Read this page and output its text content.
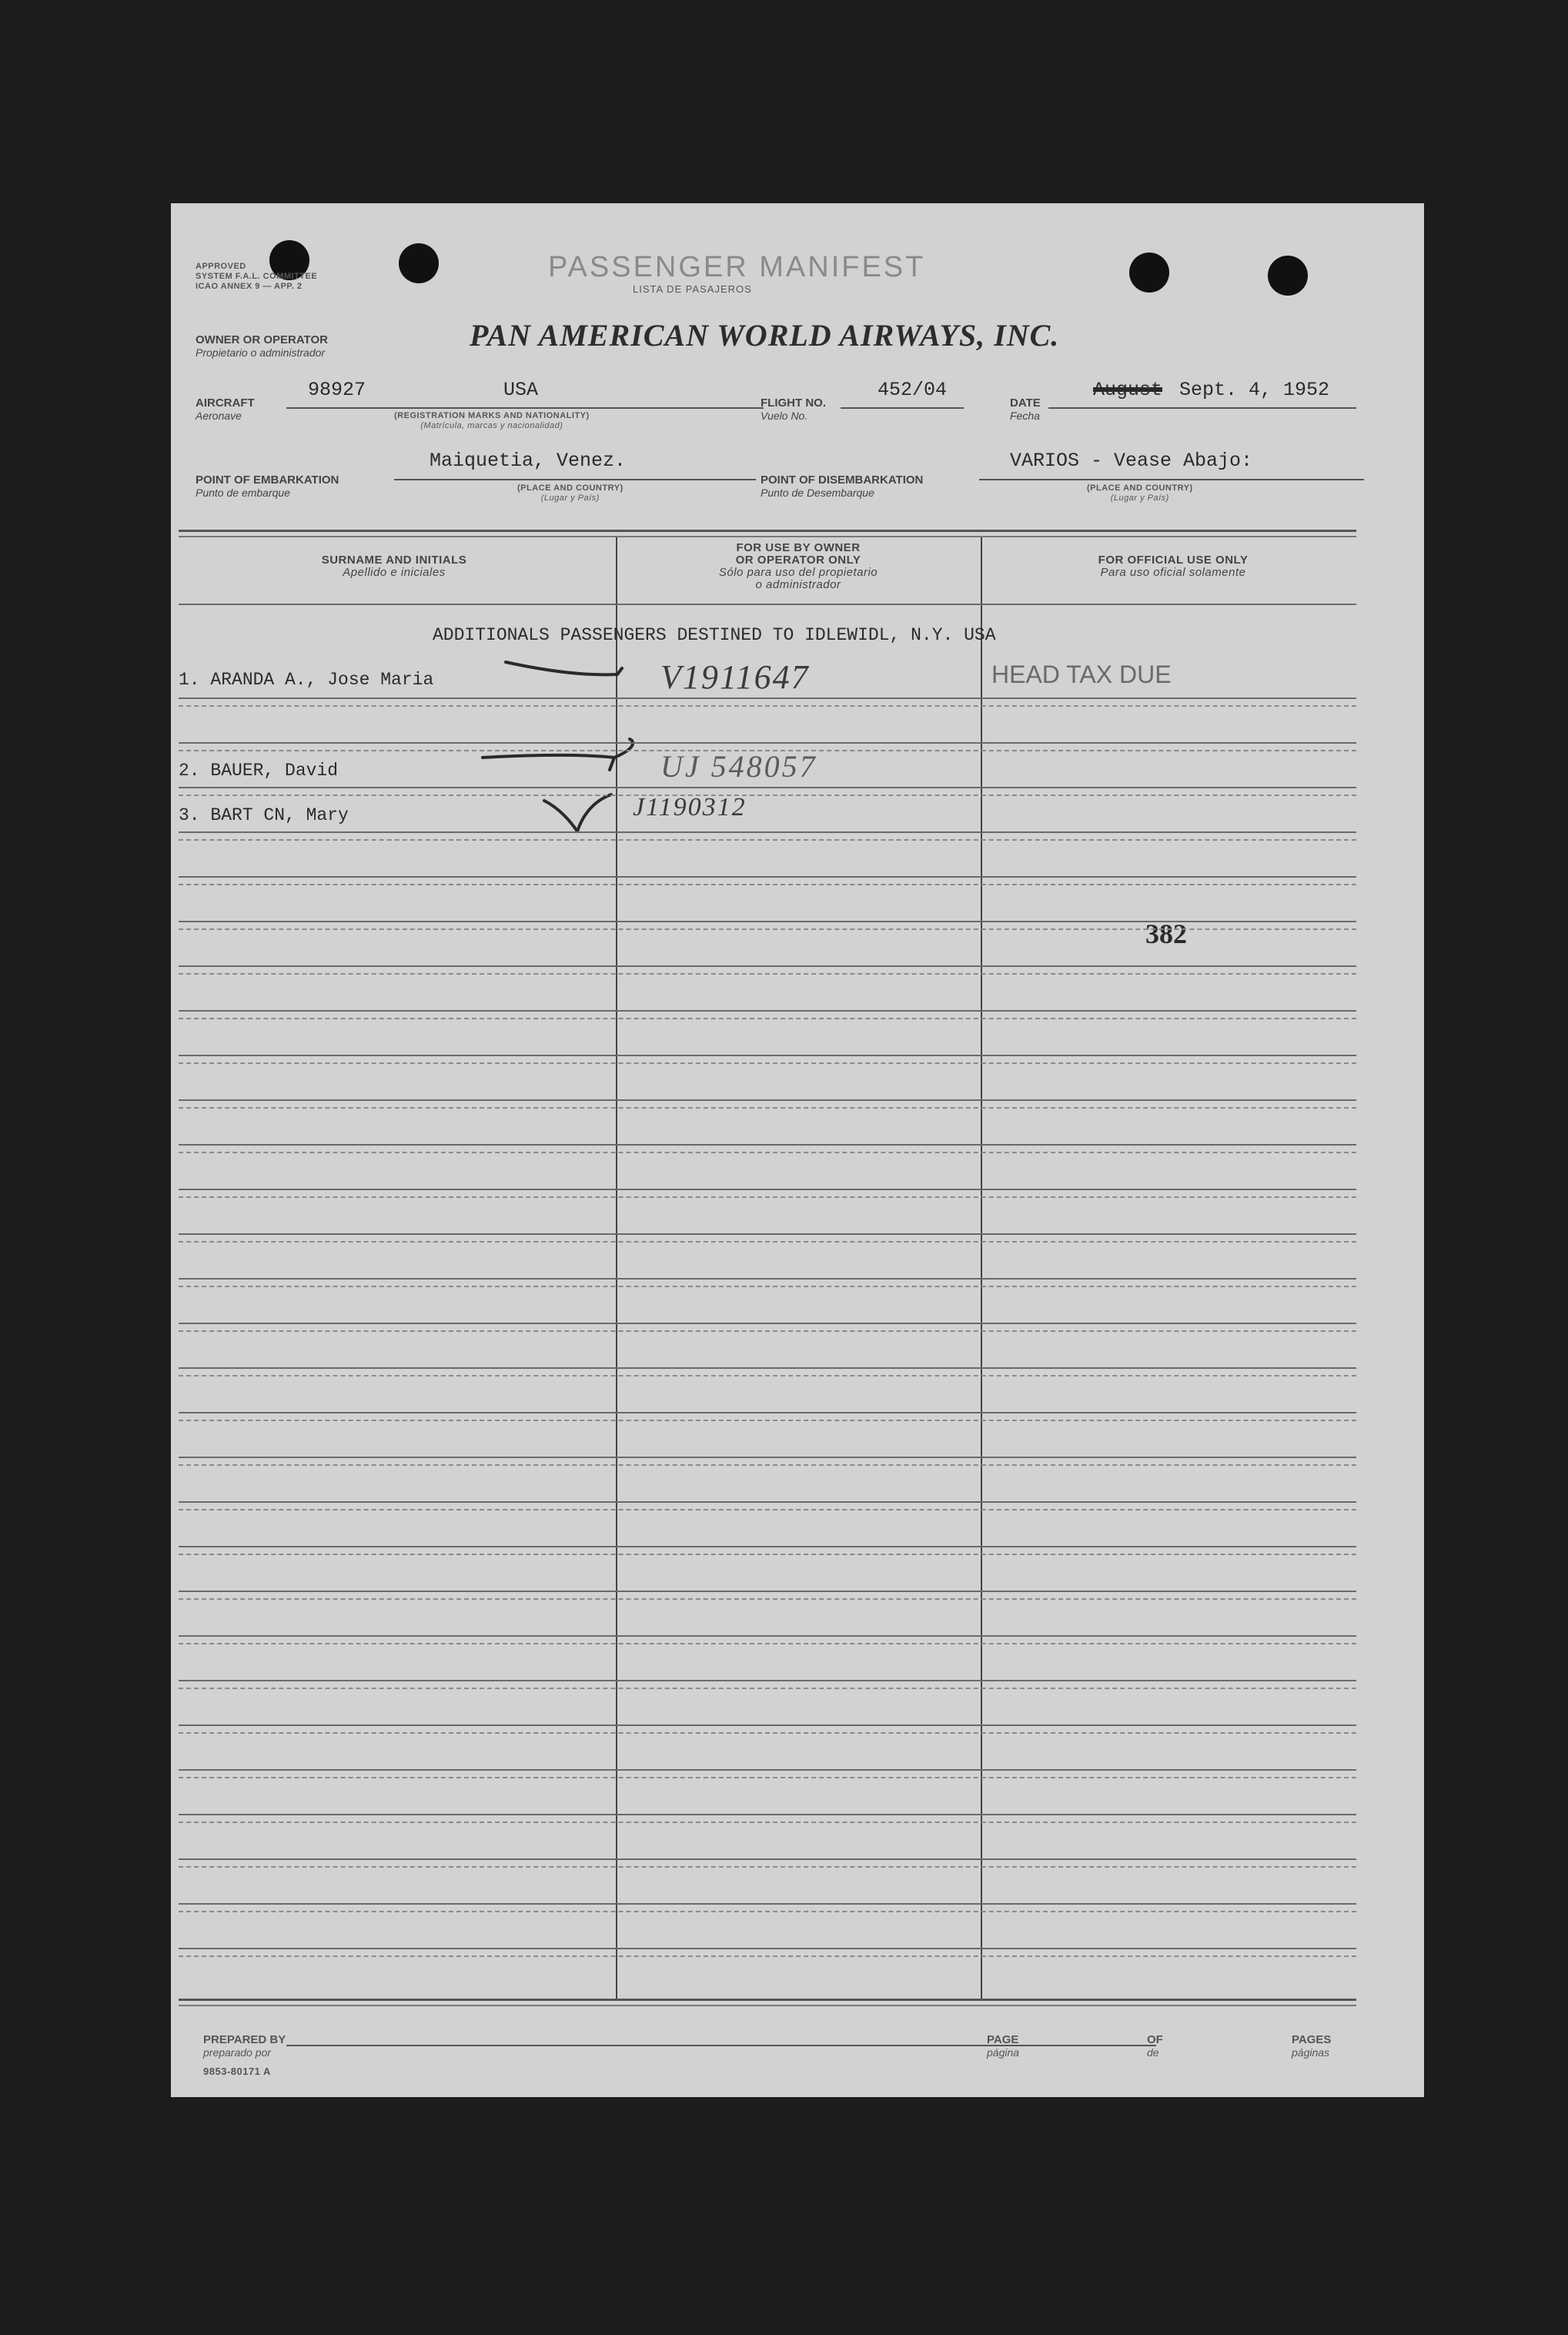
APPROVED
SYSTEM F.A.L. COMMITTEE
ICAO ANNEX 9 — APP. 2
PASSENGER MANIFEST
LISTA DE PASAJEROS
OWNER OR OPERATOR
Propietario o administrador	PAN AMERICAN WORLD AIRWAYS, INC.
AIRCRAFT
Aeronave
98927	USA
(REGISTRATION MARKS AND NATIONALITY)
(Matrícula, marcas y nacionalidad)
FLIGHT NO.
Vuelo No.
452/04
DATE
Fecha
August Sept. 4, 1952
POINT OF EMBARKATION
Punto de embarque
Maiquetia, Venez.
(PLACE AND COUNTRY)
(Lugar y País)
POINT OF DISEMBARKATION
Punto de Desembarque
VARIOS - Vease Abajo:
(PLACE AND COUNTRY)
(Lugar y País)
SURNAME AND INITIALS
Apellido e iniciales
FOR USE BY OWNER
OR OPERATOR ONLY
Sólo para uso del propietario
o administrador
FOR OFFICIAL USE ONLY
Para uso oficial solamente
ADDITIONALS PASSENGERS DESTINED TO IDLEWIDL, N.Y. USA
1. ARANDA A., Jose Maria	V1911647	HEAD TAX DUE
2. BAUER, David	UJ 548057
3. BART CN, Mary	J1190312
382
PREPARED BY
preparado por
PAGE
página
OF
de
PAGES
páginas
9853-80171 A
